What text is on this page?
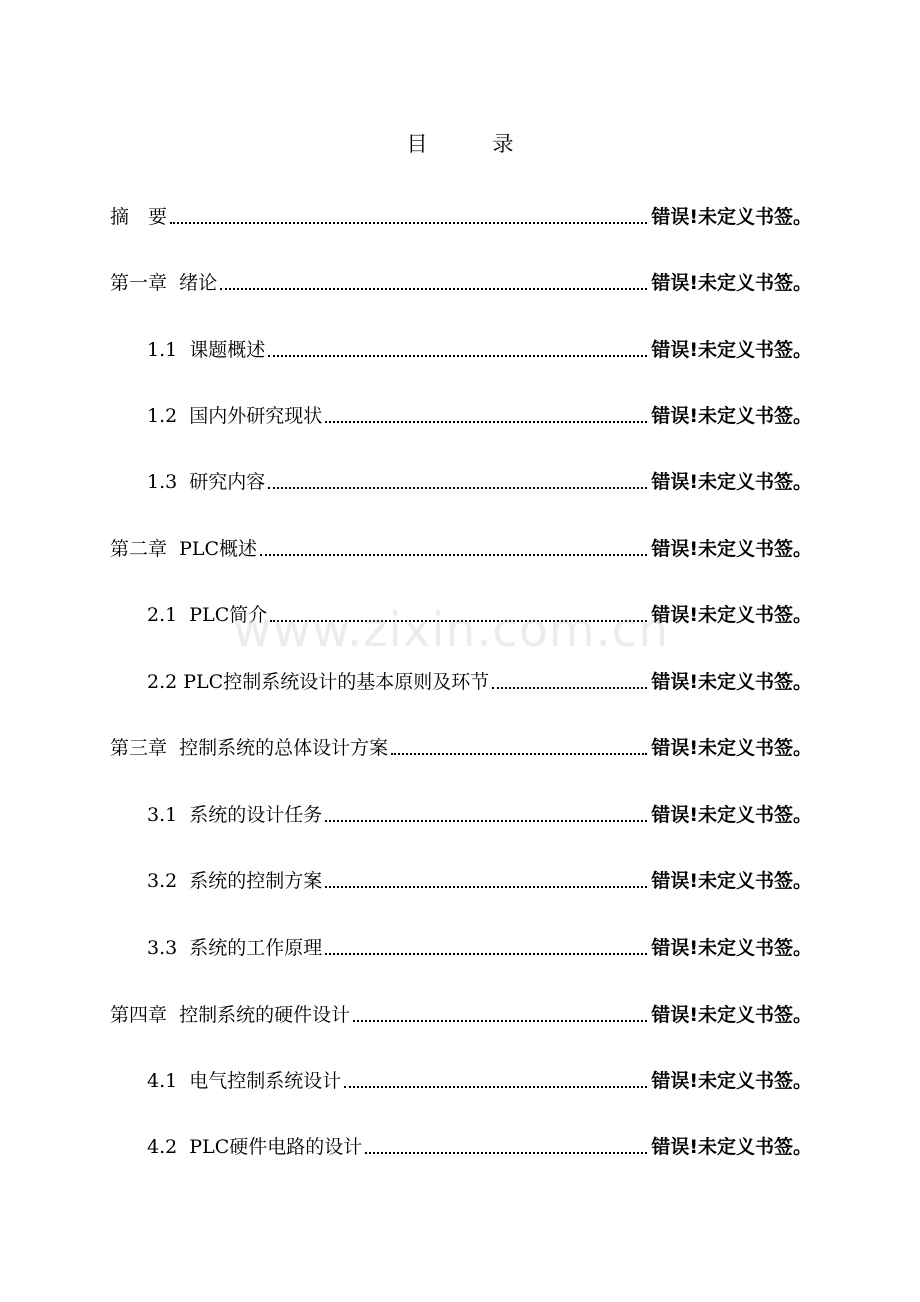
目　录
www.zixin.com.cn
摘　要	错误!未定义书签。
第一章  绪论	错误!未定义书签。
1.1  课题概述	错误!未定义书签。
1.2  国内外研究现状	错误!未定义书签。
1.3  研究内容	错误!未定义书签。
第二章  PLC概述	错误!未定义书签。
2.1  PLC简介	错误!未定义书签。
2.2 PLC控制系统设计的基本原则及环节	错误!未定义书签。
第三章  控制系统的总体设计方案	错误!未定义书签。
3.1  系统的设计任务	错误!未定义书签。
3.2  系统的控制方案	错误!未定义书签。
3.3  系统的工作原理	错误!未定义书签。
第四章  控制系统的硬件设计	错误!未定义书签。
4.1  电气控制系统设计	错误!未定义书签。
4.2  PLC硬件电路的设计	错误!未定义书签。
